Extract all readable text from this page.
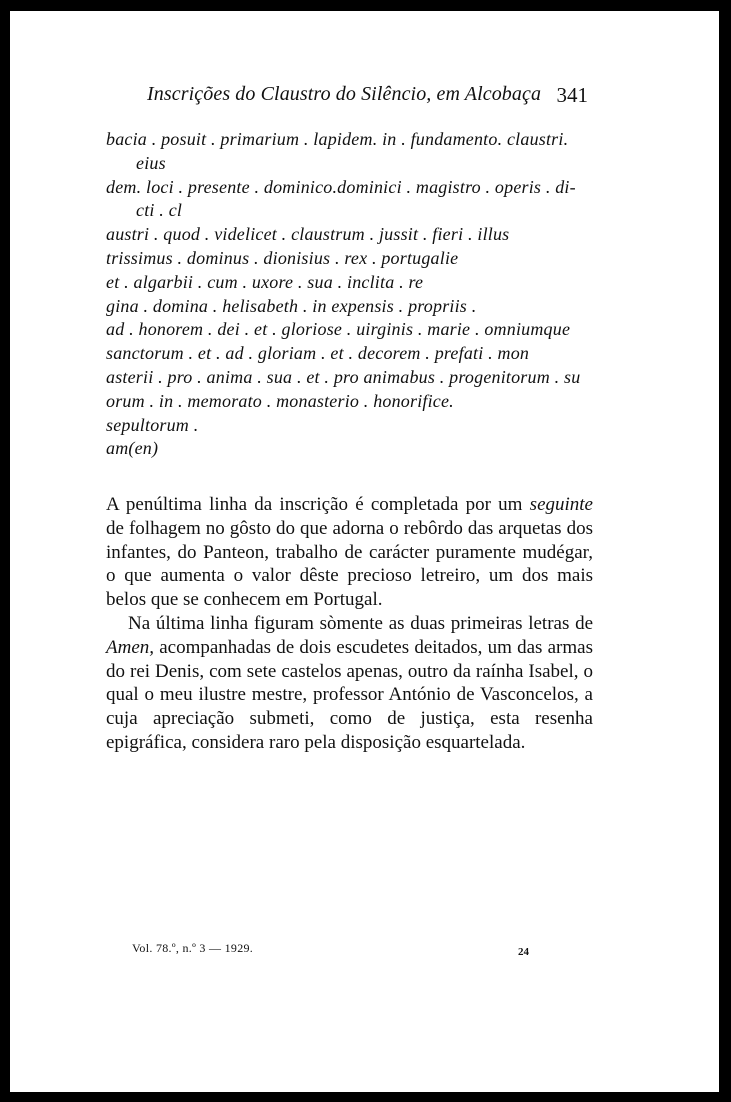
Inscrições do Claustro do Silêncio, em Alcobaça 341
bacia . posuit . primarium . lapidem. in . fundamento. claustri.
eius
dem. loci . presente . dominico.dominici . magistro . operis . di-
cti . cl
austri . quod . videlicet . claustrum . jussit . fieri . illus
trissimus . dominus . dionisius . rex . portugalie
et . algarbii . cum . uxore . sua . inclita . re
gina . domina . helisabeth . in expensis . propriis .
ad . honorem . dei . et . gloriose . uirginis . marie . omniumque
sanctorum . et . ad . gloriam . et . decorem . prefati . mon
asterii . pro . anima . sua . et . pro animabus . progenitorum . su
orum . in . memorato . monasterio . honorifice.
sepultorum .
am(en)

A penúltima linha da inscrição é completada por um seguinte de folhagem no gôsto do que adorna o rebôrdo das arquetas dos infantes, do Panteon, trabalho de carácter puramente mudégar, o que aumenta o valor dêste precioso letreiro, um dos mais belos que se conhecem em Portugal.

Na última linha figuram sòmente as duas primeiras letras de Amen, acompanhadas de dois escudetes deitados, um das armas do rei Denis, com sete castelos apenas, outro da raínha Isabel, o qual o meu ilustre mestre, professor António de Vasconcelos, a cuja apreciação submeti, como de justiça, esta resenha epigráfica, considera raro pela disposição esquartelada.

Vol. 78.º, n.º 3 — 1929.	24
